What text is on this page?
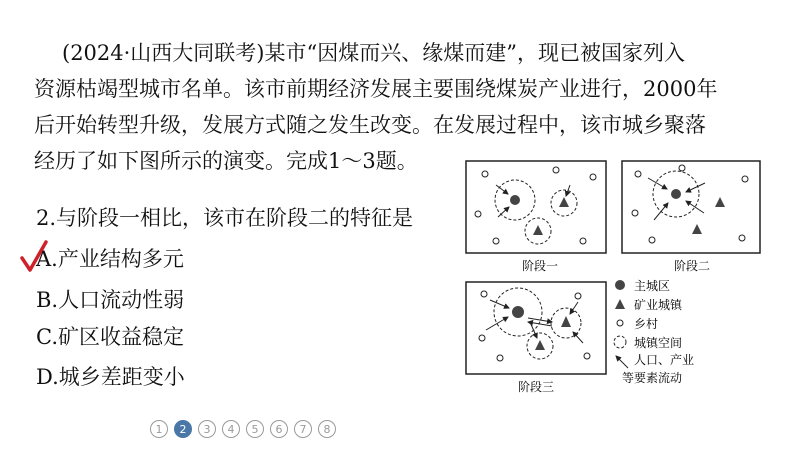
(2024·山西大同联考)某市“因煤而兴、缘煤而建”，现已被国家列入

资源枯竭型城市名单。该市前期经济发展主要围绕煤炭产业进行，2000年

后开始转型升级，发展方式随之发生改变。在发展过程中，该市城乡聚落

经历了如下图所示的演变。完成1～3题。

2.与阶段一相比，该市在阶段二的特征是
A.产业结构多元
B.人口流动性弱
C.矿区收益稳定
D.城乡差距变小
阶段一	阶段二
阶段三
主城区
矿业城镇
乡村
城镇空间
人口、产业
等要素流动
1	2	3	4	5	6	7	8
